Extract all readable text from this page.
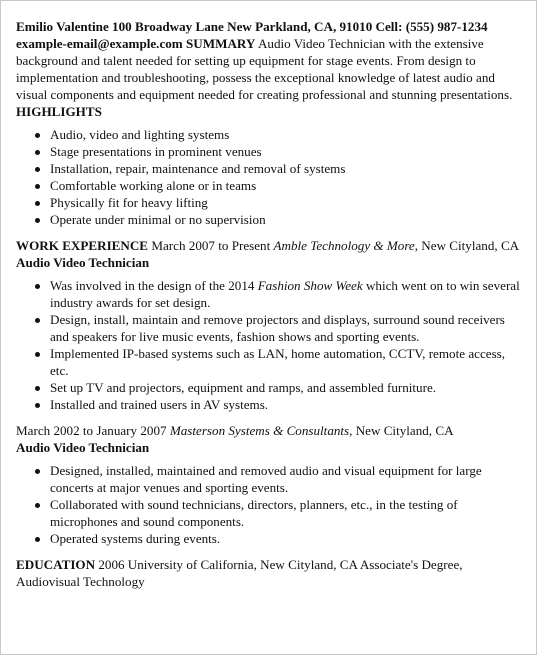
Emilio Valentine 100 Broadway Lane New Parkland, CA, 91010 Cell: (555) 987-1234 example-email@example.com SUMMARY Audio Video Technician with the extensive background and talent needed for setting up equipment for stage events. From design to implementation and troubleshooting, possess the exceptional knowledge of latest audio and visual components and equipment needed for creating professional and stunning presentations. HIGHLIGHTS

Audio, video and lighting systems
Stage presentations in prominent venues
Installation, repair, maintenance and removal of systems
Comfortable working alone or in teams
Physically fit for heavy lifting
Operate under minimal or no supervision

WORK EXPERIENCE March 2007 to Present Amble Technology & More, New Cityland, CA Audio Video Technician

Was involved in the design of the 2014 Fashion Show Week which went on to win several industry awards for set design.
Design, install, maintain and remove projectors and displays, surround sound receivers and speakers for live music events, fashion shows and sporting events.
Implemented IP-based systems such as LAN, home automation, CCTV, remote access, etc.
Set up TV and projectors, equipment and ramps, and assembled furniture.
Installed and trained users in AV systems.

March 2002 to January 2007 Masterson Systems & Consultants, New Cityland, CA
Audio Video Technician

Designed, installed, maintained and removed audio and visual equipment for large concerts at major venues and sporting events.
Collaborated with sound technicians, directors, planners, etc., in the testing of microphones and sound components.
Operated systems during events.

EDUCATION 2006 University of California, New Cityland, CA Associate's Degree, Audiovisual Technology
